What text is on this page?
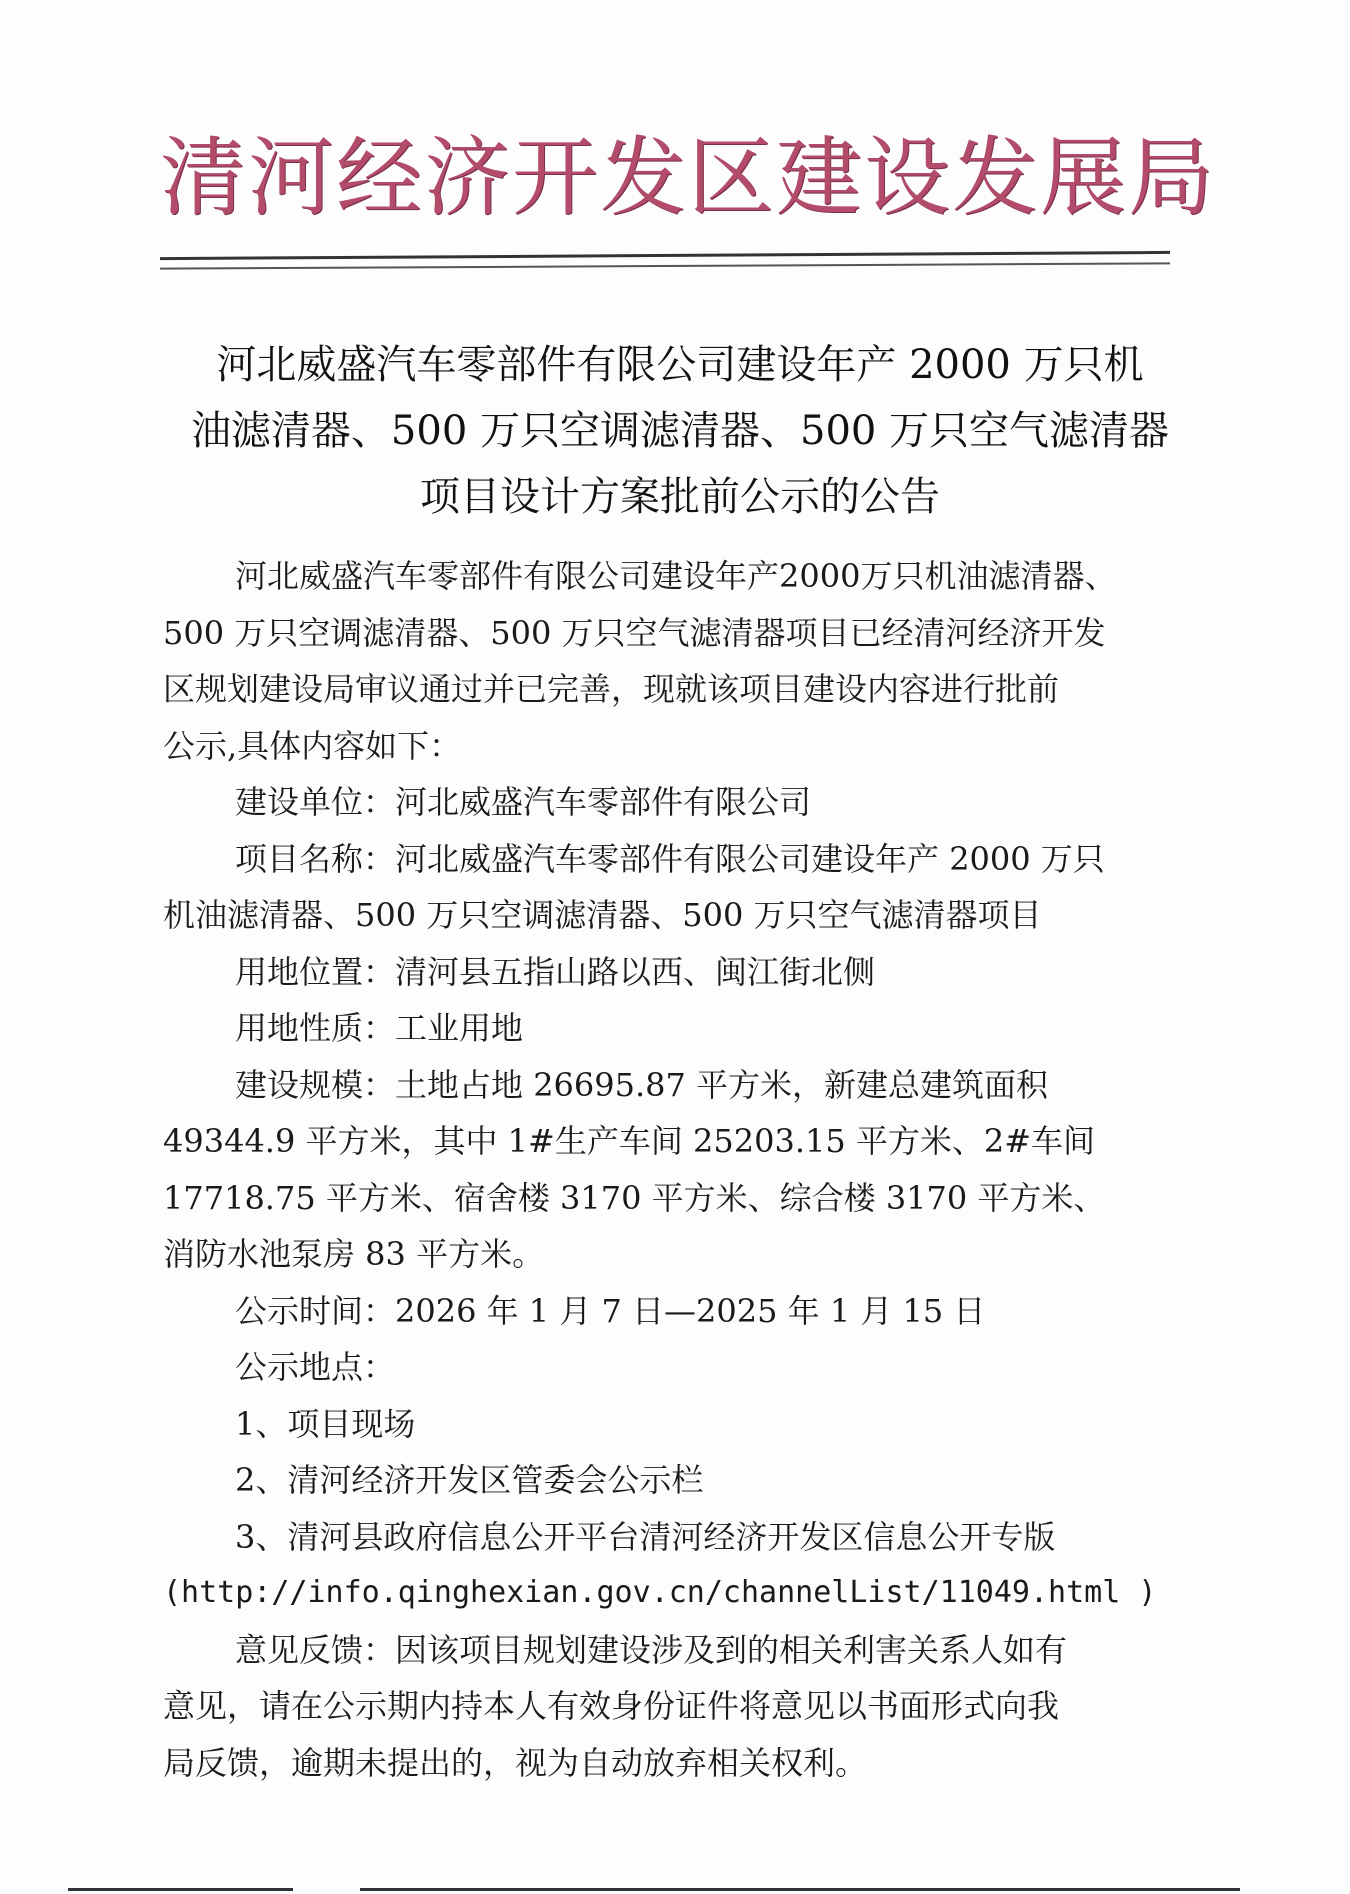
清河经济开发区建设发展局
河北威盛汽车零部件有限公司建设年产 2000 万只机
油滤清器、500 万只空调滤清器、500 万只空气滤清器
项目设计方案批前公示的公告
河北威盛汽车零部件有限公司建设年产2000万只机油滤清器、
500 万只空调滤清器、500 万只空气滤清器项目已经清河经济开发
区规划建设局审议通过并已完善，现就该项目建设内容进行批前
公示,具体内容如下：
建设单位：河北威盛汽车零部件有限公司
项目名称：河北威盛汽车零部件有限公司建设年产 2000 万只
机油滤清器、500 万只空调滤清器、500 万只空气滤清器项目
用地位置：清河县五指山路以西、闽江街北侧
用地性质：工业用地
建设规模：土地占地 26695.87 平方米，新建总建筑面积
49344.9 平方米，其中 1#生产车间 25203.15 平方米、2#车间
17718.75 平方米、宿舍楼 3170 平方米、综合楼 3170 平方米、
消防水池泵房 83 平方米。
公示时间：2026 年 1 月 7 日—2025 年 1 月 15 日
公示地点：
1、项目现场
2、清河经济开发区管委会公示栏
3、清河县政府信息公开平台清河经济开发区信息公开专版
(http://info.qinghexian.gov.cn/channelList/11049.html )
意见反馈：因该项目规划建设涉及到的相关利害关系人如有
意见，请在公示期内持本人有效身份证件将意见以书面形式向我
局反馈，逾期未提出的，视为自动放弃相关权利。
